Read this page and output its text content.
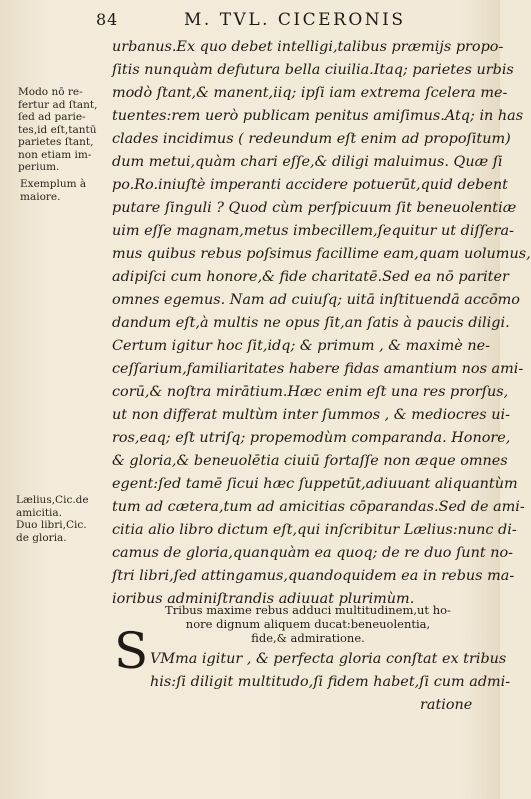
84	M. TVL. CICERONIS
Modo nō re-
fertur ad ſtant,
ſed ad parie-
tes,id eſt,tantū
parietes ſtant,
non etiam im-
perium.
Exemplum à
maiore.
Lælius,Cic.de
amicitia.
Duo libri,Cic.
de gloria.
urbanus.Ex quo debet intelligi,talibus præmijs propo-
ſitis nunquàm defutura bella ciuilia.Itaq; parietes urbis
modò ſtant,& manent,iiq; ipſi iam extrema ſcelera me-
tuentes:rem uerò publicam penitus amiſimus.Atq; in has
clades incidimus ( redeundum eſt enim ad propoſitum)
dum metui,quàm chari eſſe,& diligi maluimus. Quæ ſi
po.Ro.iniuſtè imperanti accidere potuerūt,quid debent
putare ſinguli ? Quod cùm perſpicuum ſit beneuolentiæ
uim eſſe magnam,metus imbecillem,ſequitur ut diſſera-
mus quibus rebus poſsimus facillime eam,quam uolumus,
adipiſci cum honore,& fide charitatē.Sed ea nō pariter
omnes egemus. Nam ad cuiuſq; uitā inſtituendā accōmo
dandum eſt,à multis ne opus ſit,an ſatis à paucis diligi.
Certum igitur hoc ſit,idq; & primum , & maximè ne-
ceſſarium,familiaritates habere fidas amantium nos ami-
corū,& noſtra mirātium.Hæc enim eſt una res prorſus,
ut non differat multùm inter ſummos , & mediocres ui-
ros,eaq; eſt utriſq; propemodùm comparanda. Honore,
& gloria,& beneuolētia ciuiū fortaſſe non æque omnes
egent:ſed tamē ſicui hæc ſuppetūt,adiuuant aliquantùm
tum ad cætera,tum ad amicitias cōparandas.Sed de ami-
citia alio libro dictum eſt,qui inſcribitur Lælius:nunc di-
camus de gloria,quanquàm ea quoq; de re duo ſunt no-
ſtri libri,ſed attingamus,quandoquidem ea in rebus ma-
ioribus adminiſtrandis adiuuat plurimùm.
Tribus maxime rebus adduci multitudinem,ut ho-
nore dignum aliquem ducat:beneuolentia,
fide,& admiratione.
S VMma igitur , & perfecta gloria conſtat ex tribus
his:ſi diligit multitudo,ſi fidem habet,ſi cum admi-
ratione
